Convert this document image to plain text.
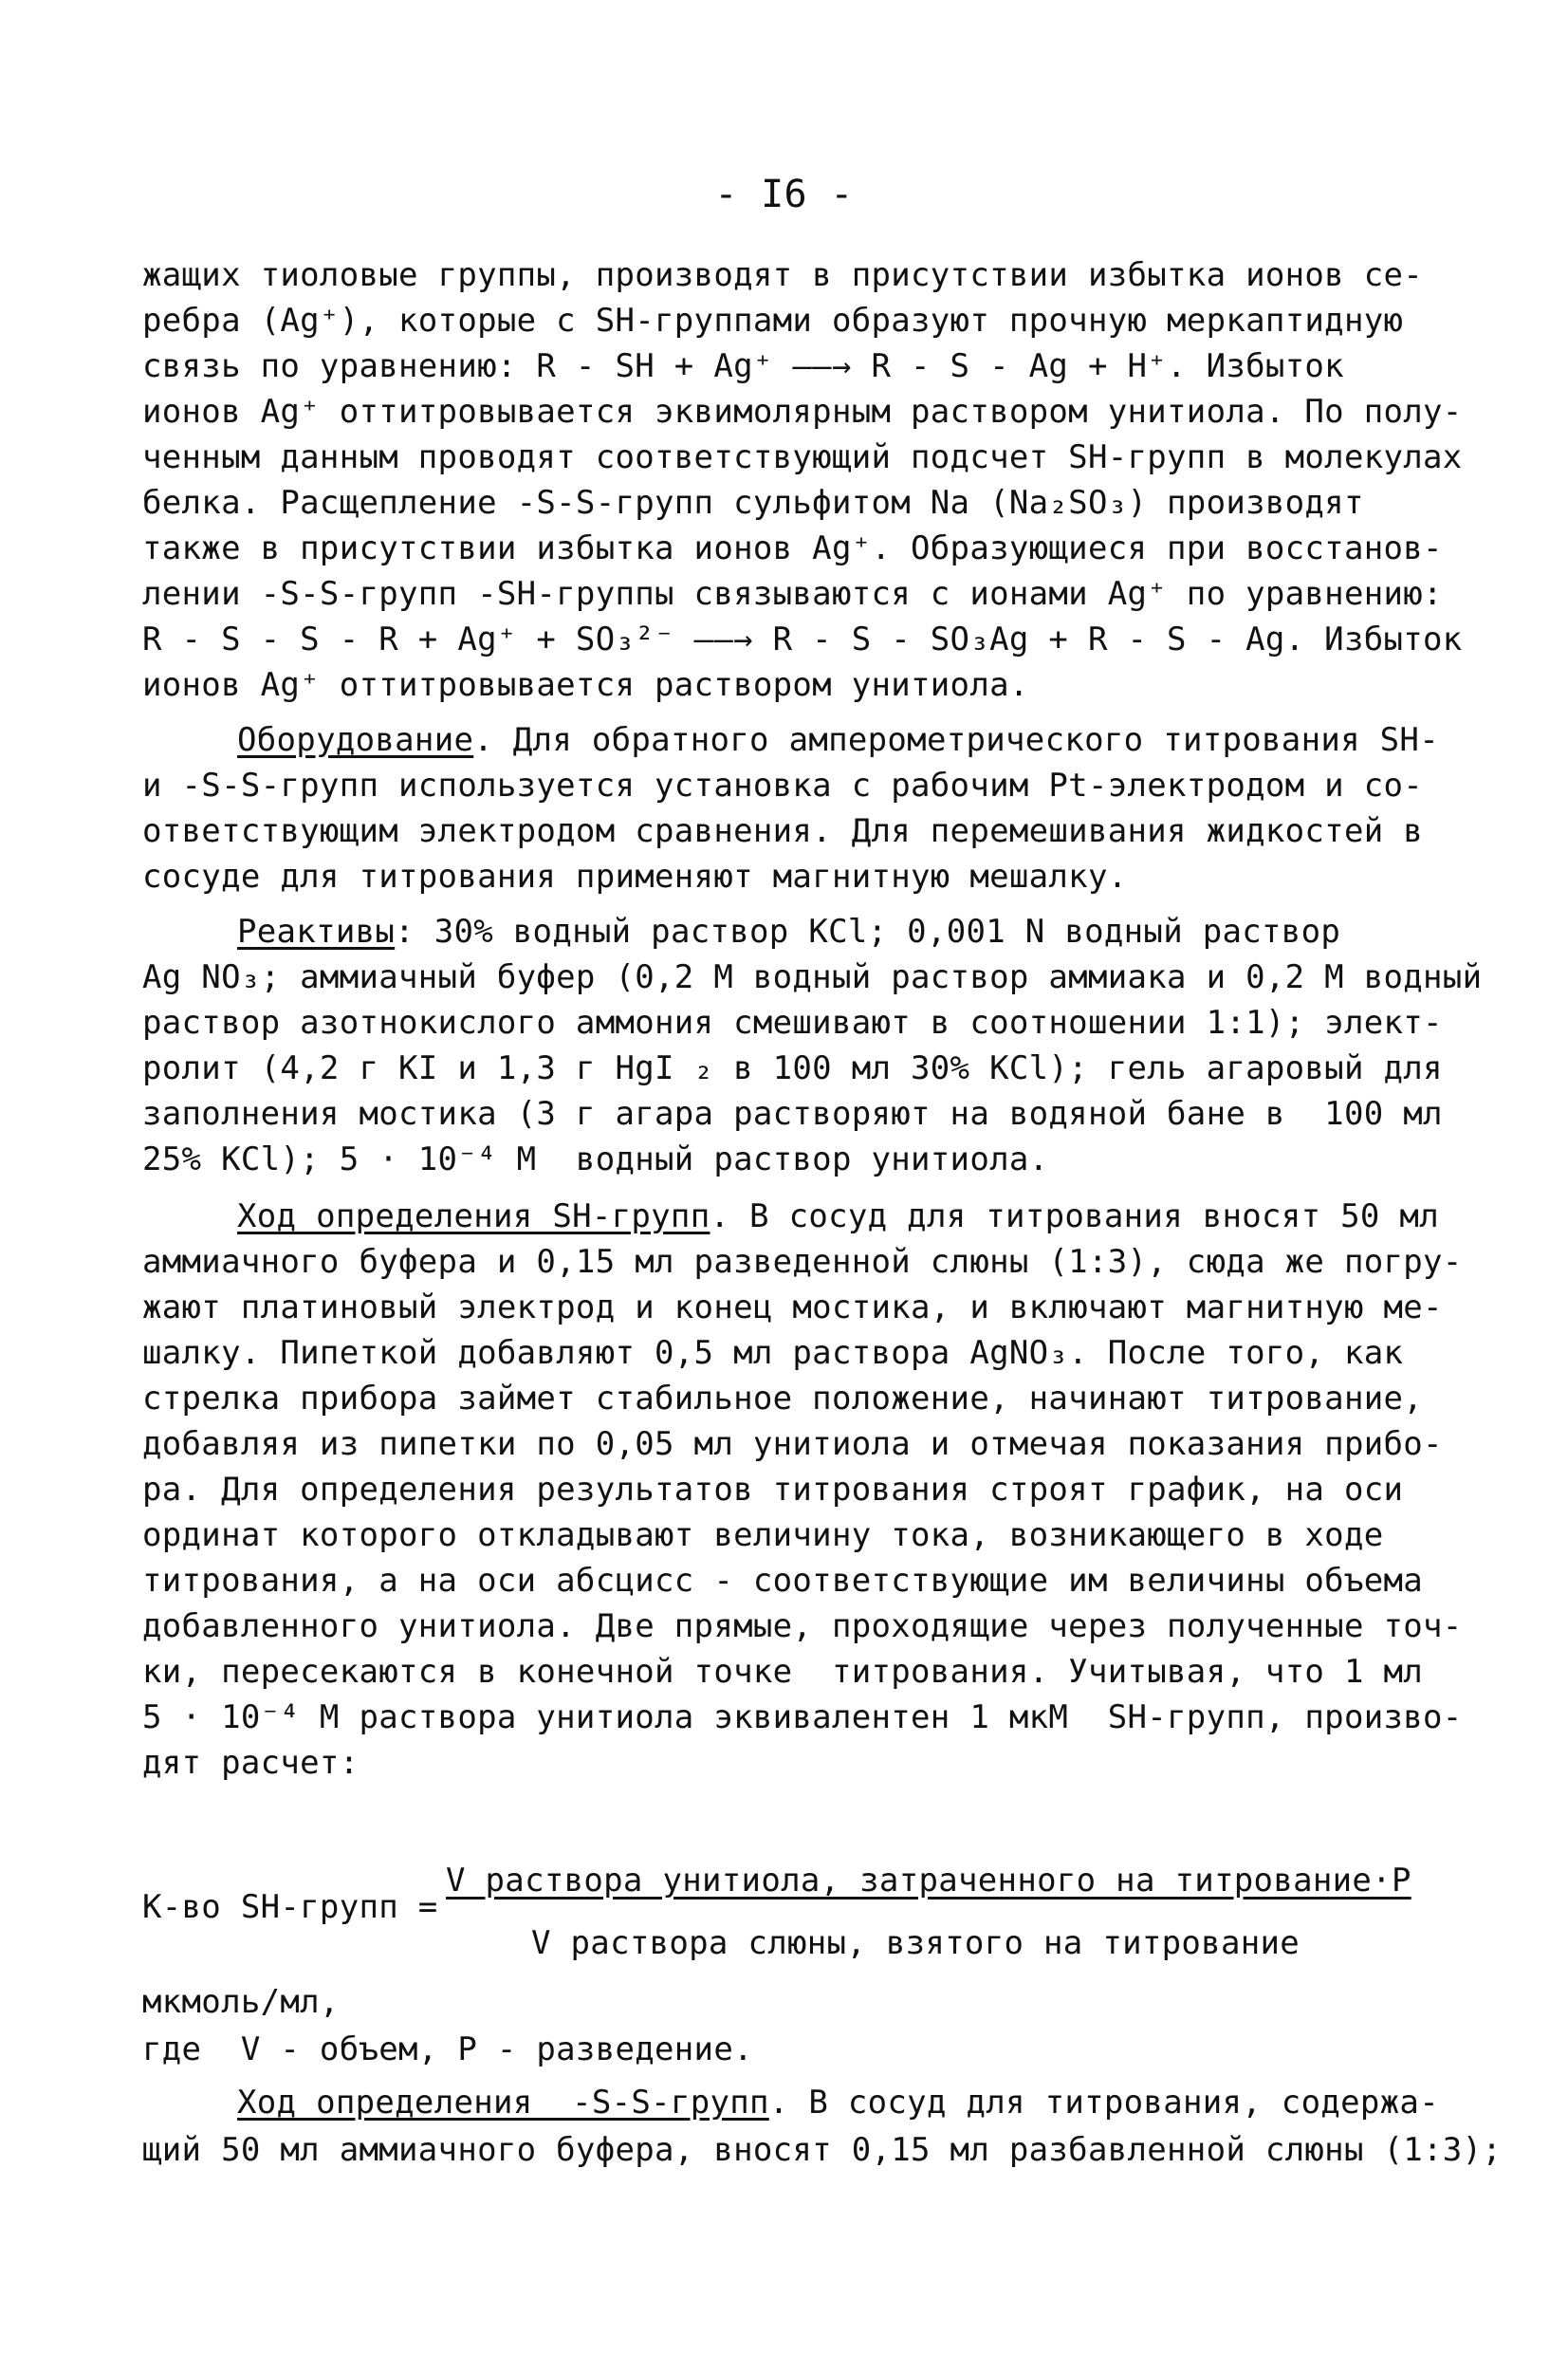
- I6 -
жащих тиоловые группы, производят в присутствии избытка ионов се-
ребра (Ag⁺), которые с SH-группами образуют прочную меркаптидную
связь по уравнению: R - SH + Ag⁺ ——→ R - S - Ag + H⁺. Избыток
ионов Ag⁺ оттитровывается эквимолярным раствором унитиола. По полу-
ченным данным проводят соответствующий подсчет SH-групп в молекулах
белка. Расщепление -S-S-групп сульфитом Na (Na₂SO₃) производят
также в присутствии избытка ионов Ag⁺. Образующиеся при восстанов-
лении -S-S-групп -SH-группы связываются с ионами Ag⁺ по уравнению:
R - S - S - R + Ag⁺ + SO₃²⁻ ——→ R - S - SO₃Ag + R - S - Ag. Избыток
ионов Ag⁺ оттитровывается раствором унитиола.
Оборудование. Для обратного амперометрического титрования SH-
и -S-S-групп используется установка с рабочим Pt-электродом и со-
ответствующим электродом сравнения. Для перемешивания жидкостей в
сосуде для титрования применяют магнитную мешалку.
Реактивы: 30% водный раствор KCl; 0,001 N водный раствор
Ag NO₃; аммиачный буфер (0,2 M водный раствор аммиака и 0,2 M водный
раствор азотнокислого аммония смешивают в соотношении 1:1); элект-
ролит (4,2 г KI и 1,3 г HgI ₂ в 100 мл 30% KCl); гель агаровый для
заполнения мостика (3 г агара растворяют на водяной бане в  100 мл
25% KCl); 5 · 10⁻⁴ M  водный раствор унитиола.
Ход определения SH-групп. В сосуд для титрования вносят 50 мл
аммиачного буфера и 0,15 мл разведенной слюны (1:3), сюда же погру-
жают платиновый электрод и конец мостика, и включают магнитную ме-
шалку. Пипеткой добавляют 0,5 мл раствора AgNO₃. После того, как
стрелка прибора займет стабильное положение, начинают титрование,
добавляя из пипетки по 0,05 мл унитиола и отмечая показания прибо-
ра. Для определения результатов титрования строят график, на оси
ординат которого откладывают величину тока, возникающего в ходе
титрования, а на оси абсцисс - соответствующие им величины объема
добавленного унитиола. Две прямые, проходящие через полученные точ-
ки, пересекаются в конечной точке  титрования. Учитывая, что 1 мл
5 · 10⁻⁴ M раствора унитиола эквивалентен 1 мкМ  SH-групп, произво-
дят расчет:
К-во SH-групп =
V раствора унитиола, затраченного на титрование·P
V раствора слюны, взятого на титрование
мкмоль/мл,
где  V - объем, P - разведение.
Ход определения  -S-S-групп. В сосуд для титрования, содержа-
щий 50 мл аммиачного буфера, вносят 0,15 мл разбавленной слюны (1:3);
